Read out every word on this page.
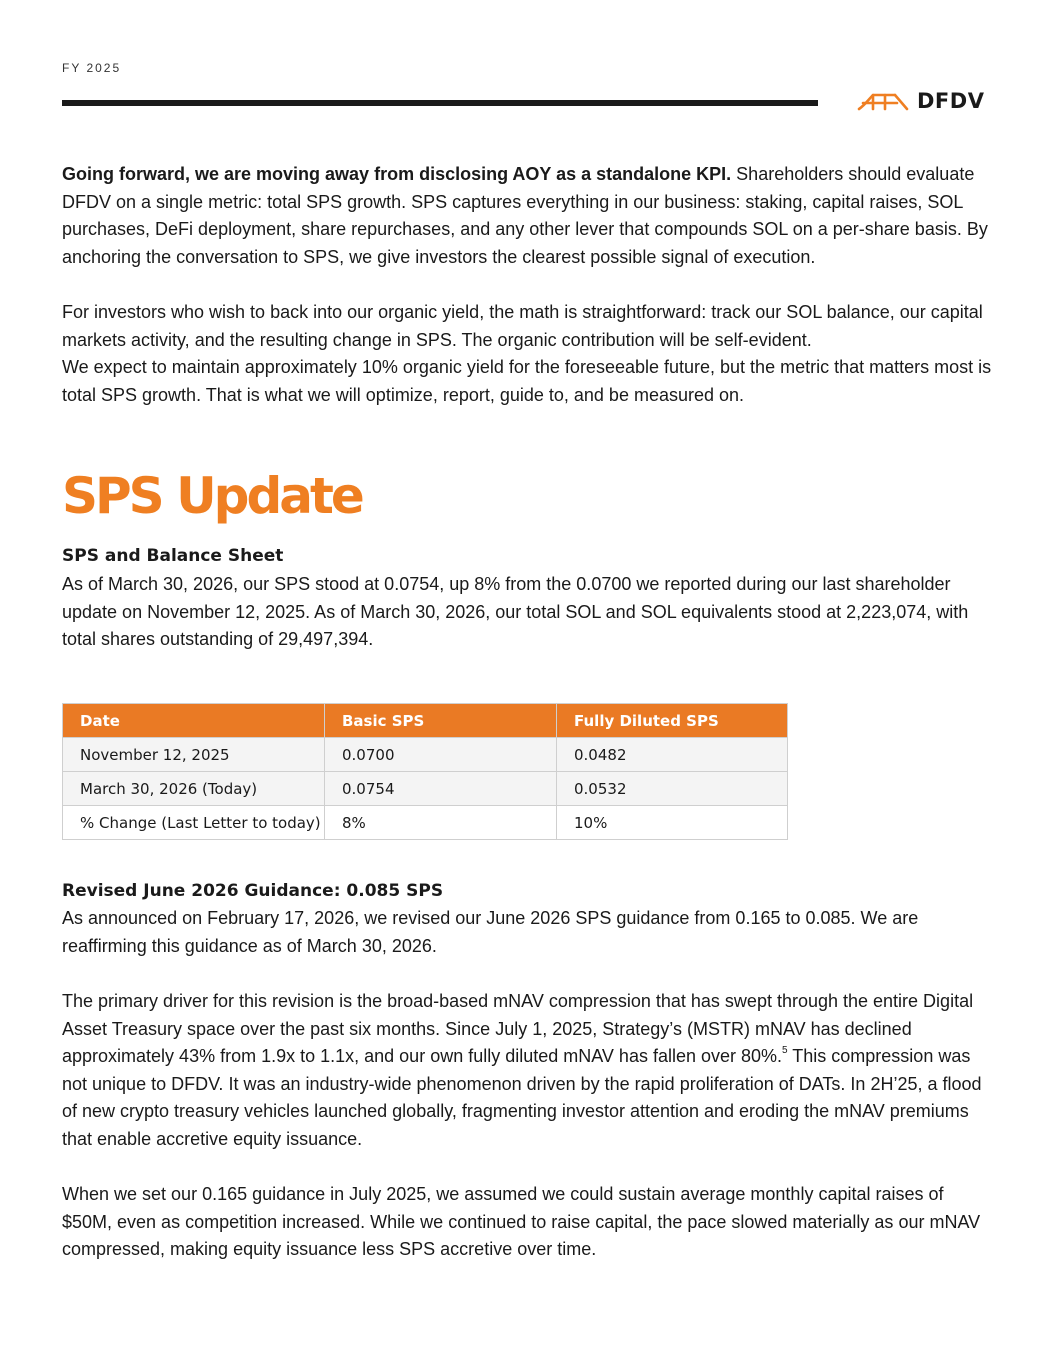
FY 2025
DFDV

Going forward, we are moving away from disclosing AOY as a standalone KPI. Shareholders should evaluate DFDV on a single metric: total SPS growth. SPS captures everything in our business: staking, capital raises, SOL purchases, DeFi deployment, share repurchases, and any other lever that compounds SOL on a per-share basis. By anchoring the conversation to SPS, we give investors the clearest possible signal of execution.

For investors who wish to back into our organic yield, the math is straightforward: track our SOL balance, our capital markets activity, and the resulting change in SPS. The organic contribution will be self-evident.

We expect to maintain approximately 10% organic yield for the foreseeable future, but the metric that matters most is total SPS growth. That is what we will optimize, report, guide to, and be measured on.

SPS Update
SPS and Balance Sheet

As of March 30, 2026, our SPS stood at 0.0754, up 8% from the 0.0700 we reported during our last shareholder update on November 12, 2025. As of March 30, 2026, our total SOL and SOL equivalents stood at 2,223,074, with total shares outstanding of 29,497,394.

Date	Basic SPS	Fully Diluted SPS
November 12, 2025	0.0700	0.0482
March 30, 2026 (Today)	0.0754	0.0532
% Change (Last Letter to today)	8%	10%
Revised June 2026 Guidance: 0.085 SPS

As announced on February 17, 2026, we revised our June 2026 SPS guidance from 0.165 to 0.085. We are reaffirming this guidance as of March 30, 2026.

The primary driver for this revision is the broad-based mNAV compression that has swept through the entire Digital Asset Treasury space over the past six months. Since July 1, 2025, Strategy’s (MSTR) mNAV has declined approximately 43% from 1.9x to 1.1x, and our own fully diluted mNAV has fallen over 80%.$^5$ This compression was not unique to DFDV. It was an industry-wide phenomenon driven by the rapid proliferation of DATs. In 2H’25, a flood of new crypto treasury vehicles launched globally, fragmenting investor attention and eroding the mNAV premiums that enable accretive equity issuance.

When we set our 0.165 guidance in July 2025, we assumed we could sustain average monthly capital raises of $50M, even as competition increased. While we continued to raise capital, the pace slowed materially as our mNAV compressed, making equity issuance less SPS accretive over time.
